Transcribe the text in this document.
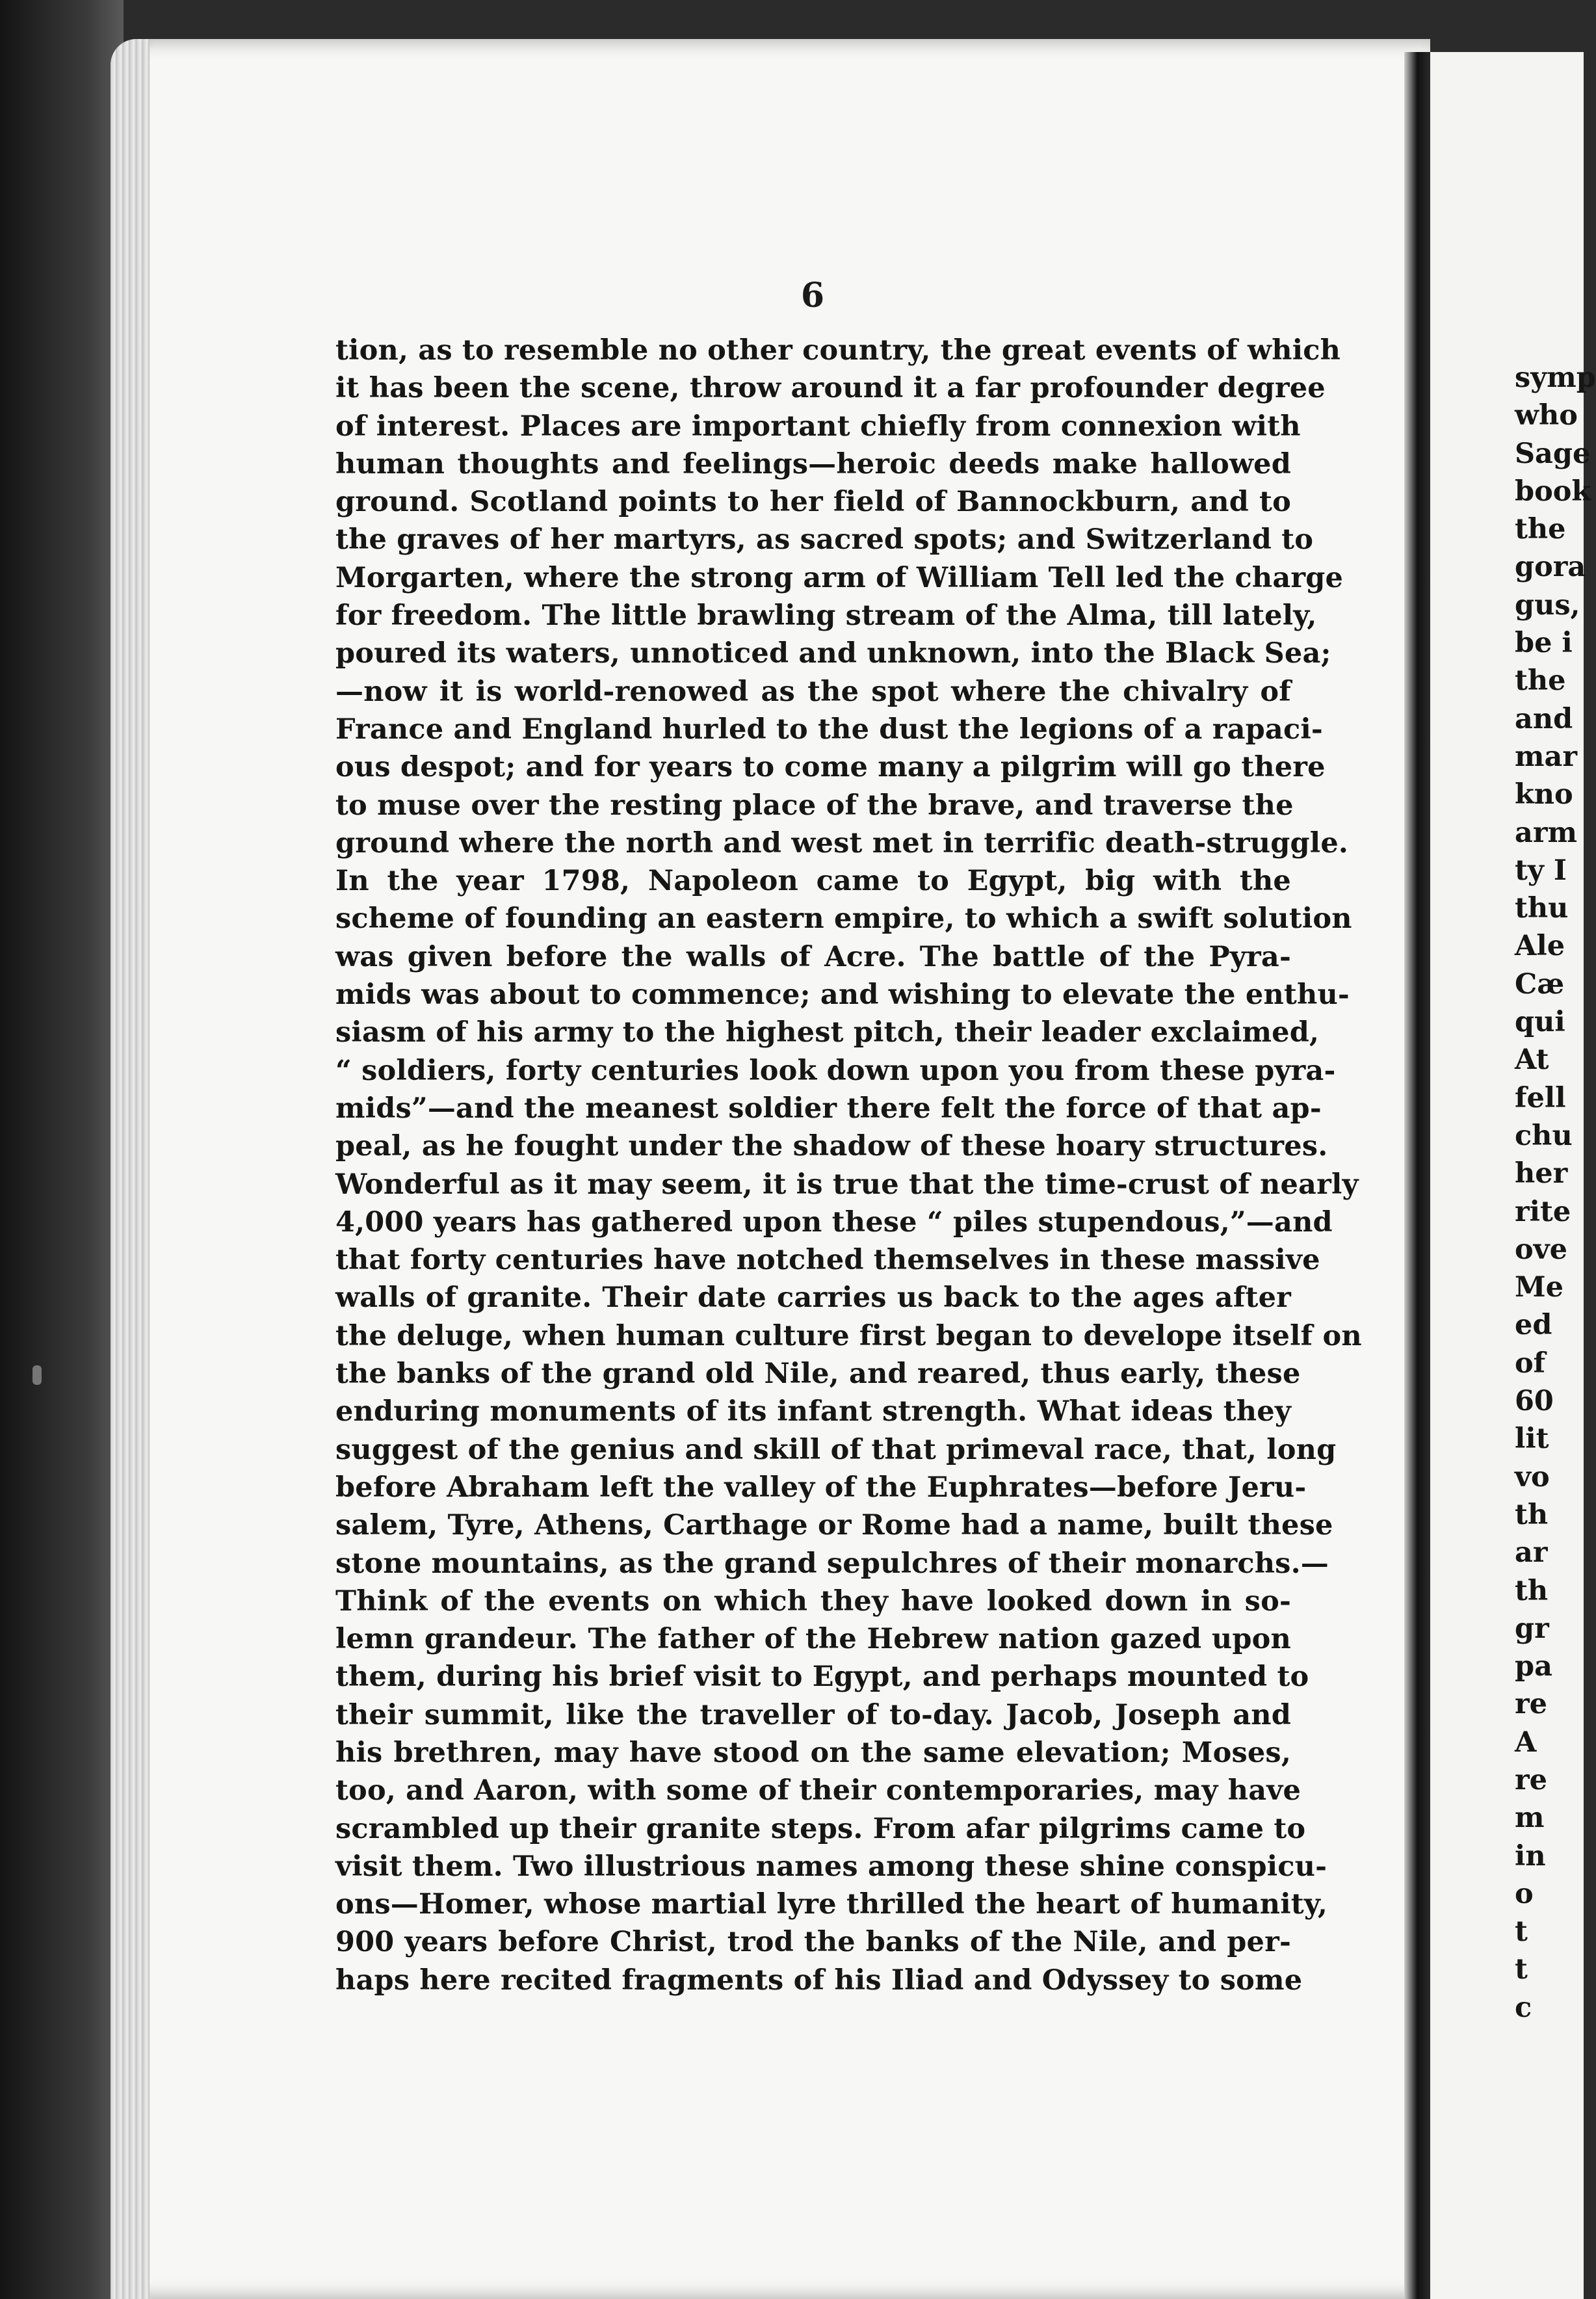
6
tion, as to resemble no other country, the great events of which
it has been the scene, throw around it a far profounder degree
of interest. Places are important chiefly from connexion with
human thoughts and feelings—heroic deeds make hallowed
ground. Scotland points to her field of Bannockburn, and to
the graves of her martyrs, as sacred spots; and Switzerland to
Morgarten, where the strong arm of William Tell led the charge
for freedom. The little brawling stream of the Alma, till lately,
poured its waters, unnoticed and unknown, into the Black Sea;
—now it is world-renowed as the spot where the chivalry of
France and England hurled to the dust the legions of a rapaci-
ous despot; and for years to come many a pilgrim will go there
to muse over the resting place of the brave, and traverse the
ground where the north and west met in terrific death-struggle.
In the year 1798, Napoleon came to Egypt, big with the
scheme of founding an eastern empire, to which a swift solution
was given before the walls of Acre. The battle of the Pyra-
mids was about to commence; and wishing to elevate the enthu-
siasm of his army to the highest pitch, their leader exclaimed,
“ soldiers, forty centuries look down upon you from these pyra-
mids”—and the meanest soldier there felt the force of that ap-
peal, as he fought under the shadow of these hoary structures.
Wonderful as it may seem, it is true that the time-crust of nearly
4,000 years has gathered upon these “ piles stupendous,”—and
that forty centuries have notched themselves in these massive
walls of granite. Their date carries us back to the ages after
the deluge, when human culture first began to develope itself on
the banks of the grand old Nile, and reared, thus early, these
enduring monuments of its infant strength. What ideas they
suggest of the genius and skill of that primeval race, that, long
before Abraham left the valley of the Euphrates—before Jeru-
salem, Tyre, Athens, Carthage or Rome had a name, built these
stone mountains, as the grand sepulchres of their monarchs.—
Think of the events on which they have looked down in so-
lemn grandeur. The father of the Hebrew nation gazed upon
them, during his brief visit to Egypt, and perhaps mounted to
their summit, like the traveller of to-day. Jacob, Joseph and
his brethren, may have stood on the same elevation; Moses,
too, and Aaron, with some of their contemporaries, may have
scrambled up their granite steps. From afar pilgrims came to
visit them. Two illustrious names among these shine conspicu-
ons—Homer, whose martial lyre thrilled the heart of humanity,
900 years before Christ, trod the banks of the Nile, and per-
haps here recited fragments of his Iliad and Odyssey to some
symp
who
Sage
book
the
gora
gus,
be i
the
and
mar
kno
arm
ty I
thu
Ale
Cæ
qui
At
fell
chu
her
rite
ove
Me
ed
of
60
lit
vo
th
ar
th
gr
pa
re
A
re
m
in
o
t
t
c
